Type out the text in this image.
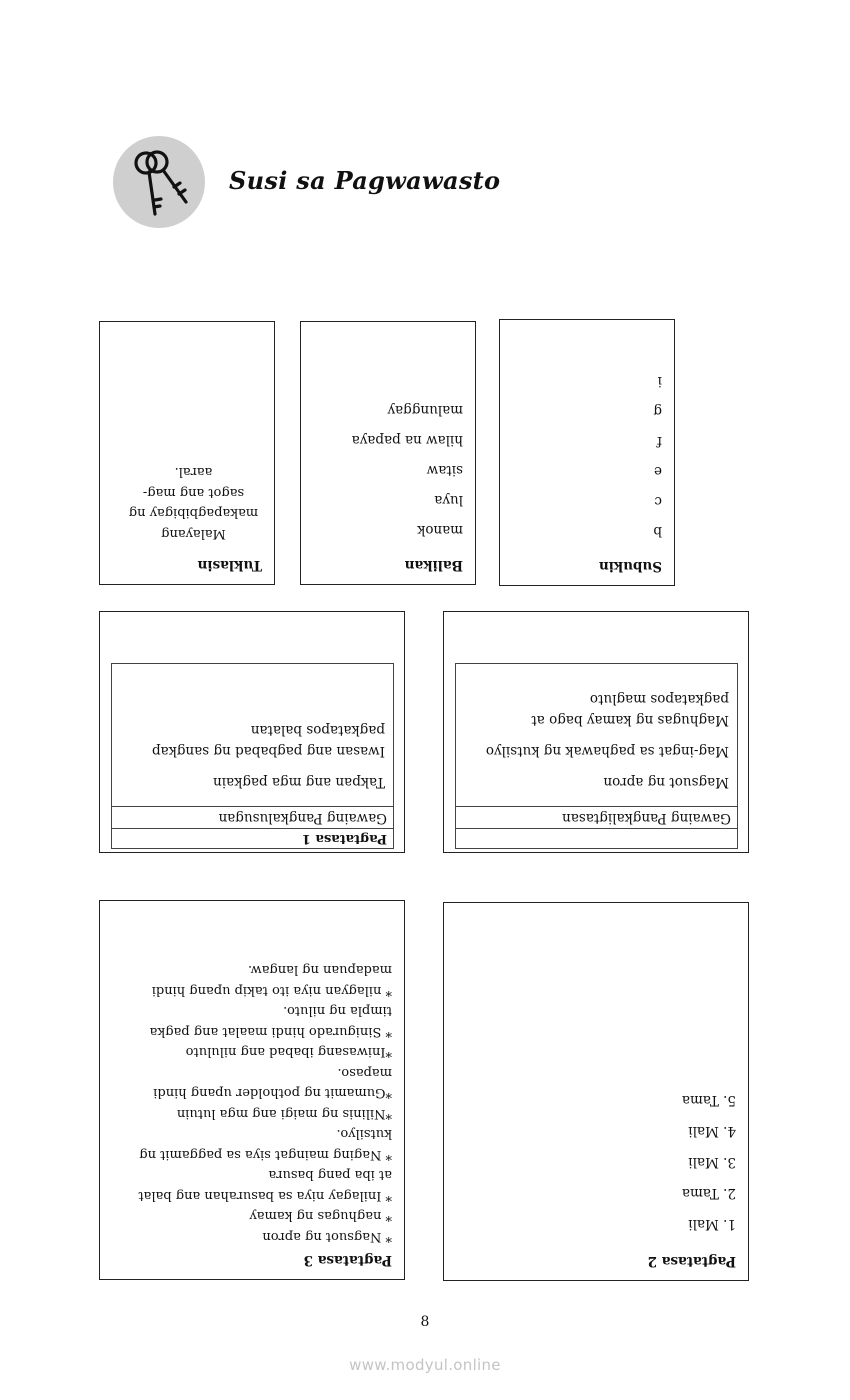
Susi sa Pagwawasto
Subukin
b
c
e
f
g
i
Balikan
manok
luya
sitaw
hilaw na papaya
malunggay
Tuklasin
Malayang
makapagbibigay ng
sagot ang mag-
aaral.
Pagtatasa 1
Gawaing Pangkalusugan
Takpan ang mga pagkain
Iwasan ang pagbabad ng sangkap
pagkatapos balatan
Gawaing Pangkaligtasan
Magsuot ng apron
Mag-ingat sa paghawak ng kutsilyo
Maghugas ng kamay bago at
pagkatapos magluto
Pagtatasa 2
1. Mali
2. Tama
3. Mali
4. Mali
5. Tama
Pagtatasa 3
* Nagsuot ng apron
* naghugas ng kamay
* Inilagay niya sa basurahan ang balat
at iba pang basura
* Naging maingat siya sa paggamit ng
kutsilyo.
*Nilinis ng maigi ang mga lutuin
*Gumamit ng potholder upang hindi
mapaso.
*Iniwasang ibabad ang niluluto
* Sinigurado hindi maalat ang pagka
timpla ng niluto.
* nilagyan niya ito takip upang hindi
madapuan ng langaw.
8
www.modyul.online
